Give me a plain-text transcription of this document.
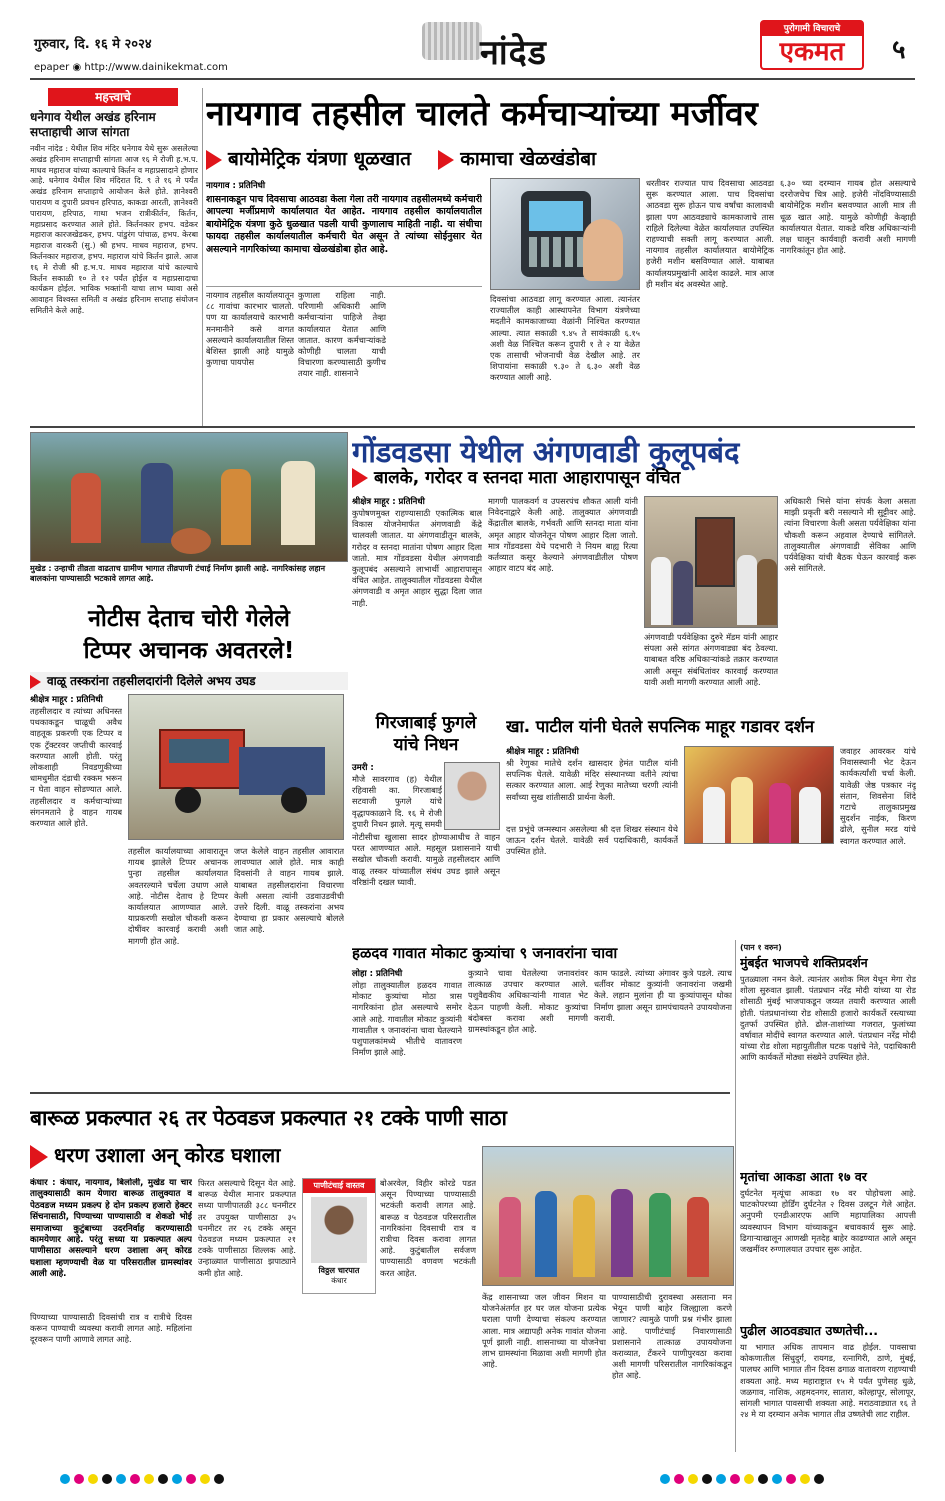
गुरुवार, दि. १६ मे २०२४	नांदेड
पुरोगामी विचाराचे
एकमत	५
epaper ◉ http://www.dainikekmat.com
महत्त्वाचे
धनेगाव येथील अखंड हरिनाम सप्ताहाची आज सांगता
नवीन नांदेड : येथील शिव मंदिर धनेगाव येथे सुरू असलेल्या अखंड हरिनाम सप्ताहाची सांगता आज १६ मे रोजी ह.भ.प. माधव महाराज यांच्या काल्याचे किर्तन व महाप्रसादाने होणार आहे. धनेगाव येथील शिव मंदिरात दि. ९ ते १६ मे पर्यंत अखंड हरिनाम सप्ताहाचे आयोजन केले होते. ज्ञानेश्वरी पारायण व दुपारी प्रवचन हरिपाठ, काकडा आरती, ज्ञानेश्वरी पारायण, हरिपाठ, गाथा भजन रात्रीकीर्तन, किर्तन, महाप्रसाद करण्यात आले होते. किर्तनकार हभप. वडेकर महाराज कारजखेडकर, हभप. पांडुरंग पांचाळ, हभप. केरबा महाराज वारकरी (सु.) श्री हभप. माधव महाराज, हभप. किर्तनकार महाराज, हभप. महाराज यांचे किर्तन झाले. आज १६ मे रोजी श्री ह.भ.प. माधव महाराज यांचे काल्याचे किर्तन सकाळी १० ते १२ पर्यंत होईल व महाप्रसादाचा कार्यक्रम होईल. भाविक भक्तांनी याचा लाभ घ्यावा असे आवाहन विश्वस्त समिती व अखंड हरिनाम सप्ताह संयोजन समितीने केले आहे.
नायगाव तहसील चालते कर्मचाऱ्यांच्या मर्जीवर
बायोमेट्रिक यंत्रणा धूळखात	कामाचा खेळखंडोबा
नायगाव : प्रतिनिधी
शासनाकडून पाच दिवसाचा आठवडा केला गेला तरी नायगाव तहसीलमध्ये कर्मचारी आपल्या मर्जीप्रमाणे कार्यालयात येत आहेत. नायगाव तहसील कार्यालयातील बायोमेट्रिक यंत्रणा कुठे धुळखात पडली याची कुणालाच माहिती नाही. या संधीचा फायदा तहसील कार्यालयातील कर्मचारी घेत असून ते त्यांच्या सोईनुसार येत असल्याने नागरिकांच्या कामाचा खेळखंडोबा होत आहे.
नायगाव तहसील कार्यालयातून ८८ गावांचा कारभार चालतो. पण या कार्यालयाचे कारभारी मनमानीने कसे वागत असल्याने कार्यालयातील शिस्त बेशिस्त झाली आहे यामुळे कुणाचा पायपोस
कुणाला राहिला नाही. परिणामी अधिकारी आणि कर्मचाऱ्यांना पाहिजे तेव्हा कार्यालयात येतात आणि जातात. कारण कर्मचाऱ्यांकडे कोणीही चालता याची विचारणा करण्यासाठी कुणीच तयार नाही. शासनाने
दिवसांचा आठवडा लागू करण्यात आला. त्यानंतर राज्यातील काही आस्थापनेत विभाग यंत्रणेच्या मदतीने कामकाजाच्या वेळांनी निश्चित करण्यात आल्या. त्यात सकाळी ९.४५ ते सायंकाळी ६.१५ अशी वेळ निश्चित करून दुपारी १ ते २ या वेळेत एक तासाची भोजनाची वेळ देखील आहे. तर शिपायांना सकाळी ९.३० ते ६.३० अशी वेळ करण्यात आली आहे.
धरतीवर राज्यात पाच दिवसाचा आठवडा सुरू करण्यात आला. पाच दिवसांचा आठवडा सुरू होऊन पाच वर्षांचा कालावधी झाला पण आठवड्याचे कामकाजाचे तास राहिले दिलेल्या वेळेत कार्यालयात उपस्थित राहण्याची सक्ती लागू करण्यात आली. नायगाव तहसील कार्यालयात बायोमेट्रिक हजेरी मशीन बसविण्यात आले. याबाबत कार्यालयप्रमुखांनी आदेश काढले. मात्र आज ही मशीन बंद अवस्थेत आहे.
६.३० च्या दरम्यान गायब होत असल्याचे दररोजचेच चित्र आहे. हजेरी नोंदविण्यासाठी बायोमेट्रिक मशीन बसवण्यात आली मात्र ती धूळ खात आहे. यामुळे कोणीही केव्हाही कार्यालयात येतात. याकडे वरिष्ठ अधिकाऱ्यांनी लक्ष घालून कार्यवाही करावी अशी मागणी नागरिकांतून होत आहे.
मुखेड : उन्हाची तीव्रता वाढताच ग्रामीण भागात तीव्रपाणी टंचाई निर्माण झाली आहे. नागरिकांसह लहान बालकांना पाण्यासाठी भटकावे लागत आहे.
गोंडवडसा येथील अंगणवाडी कुलूपबंद
बालके, गरोदर व स्तनदा माता आहारापासून वंचित
श्रीक्षेत्र माहूर : प्रतिनिधी
कुपोषणमुक्त राहण्यासाठी एकात्मिक बाल विकास योजनेमार्फत अंगणवाडी केंद्रे चालवली जातात. या अंगणवाडीतून बालके, गरोदर व स्तनदा मातांना पोषण आहार दिला जातो. मात्र गोंडवडसा येथील अंगणवाडी कुलूपबंद असल्याने लाभार्थी आहारापासून वंचित आहेत. तालुक्यातील गोंडवडसा येथील अंगणवाडी व अमृत आहार सुद्धा दिला जात नाही.
मागणी पालकवर्ग व उपसरपंच शौकत आली यांनी निवेदनाद्वारे केली आहे. तालुक्यात अंगणवाडी केंद्रातील बालके, गर्भवती आणि स्तनदा माता यांना अमृत आहार योजनेतून पोषण आहार दिला जातो. मात्र गोंडवडसा येथे पदभारी ने नियम बाह्य रित्या कर्तव्यात कसूर केल्याने अंगणवाडीतील पोषण आहार वाटप बंद आहे.
अंगणवाडी पर्यवेक्षिका दुरुरे मॅडम यांनी आहार संपला असे सांगत अंगणवाड्या बंद ठेवल्या. याबाबत वरिष्ठ अधिकाऱ्यांकडे तक्रार करण्यात आली असून संबंधितांवर कारवाई करण्यात यावी अशी मागणी करण्यात आली आहे.
अधिकारी भिसे यांना संपर्क केला असता माझी प्रकृती बरी नसल्याने मी सुट्टीवर आहे. त्यांना विचारणा केली असता पर्यवेक्षिका यांना चौकशी करून अहवाल देण्याचे सांगितले. तालुक्यातील अंगणवाडी सेविका आणि पर्यवेक्षिका यांची बैठक घेऊन कारवाई करू असे सांगितले.
नोटीस देताच चोरी गेलेले
टिप्पर अचानक अवतरले!
वाळू तस्करांना तहसीलदारांनी दिलेले अभय उघड
श्रीक्षेत्र माहूर : प्रतिनिधी
तहसीलदार व त्यांच्या अधिनस्त पथकाकडून चाळूची अवैध वाहतूक प्रकरणी एक टिप्पर व एक ट्रॅक्टरवर जप्तीची कारवाई करण्यात आली होती. परंतु लोकशाही निवडणुकीच्या धामधुमीत दंडाची रक्कम भरून न घेता वाहन सोडण्यात आले. तहसीलदार व कर्मचाऱ्यांच्या संगनमताने हे वाहन गायब करण्यात आले होते.
तहसील कार्यालयाच्या आवारातून गायब झालेले टिप्पर अचानक पुन्हा तहसील कार्यालयात अवतरल्याने चर्चेला उधाण आले आहे. नोटीस देताच हे टिप्पर कार्यालयात आणण्यात आले. याप्रकरणी सखोल चौकशी करून दोषींवर कारवाई करावी अशी मागणी होत आहे.
जप्त केलेले वाहन तहसील आवारात लावण्यात आले होते. मात्र काही दिवसांनी ते वाहन गायब झाले. याबाबत तहसीलदारांना विचारणा केली असता त्यांनी उडवाउडवीची उत्तरे दिली. वाळू तस्करांना अभय देण्याचा हा प्रकार असल्याचे बोलले जात आहे.
गिरजाबाई फुगले
यांचे निधन
उमरी :
मौजे सावरगाव (ह) येथील रहिवासी का. गिरजाबाई सटवाजी फुगले यांचे वृद्धापकाळाने दि. १६ मे रोजी दुपारी निधन झाले. मृत्यू समयी
नोटीसीचा खुलासा सादर होण्याआधीच ते वाहन परत आणण्यात आले. महसूल प्रशासनाने याची सखोल चौकशी करावी. यामुळे तहसीलदार आणि वाळू तस्कर यांच्यातील संबंध उघड झाले असून वरिष्ठांनी दखल घ्यावी.
खा. पाटील यांनी घेतले सपत्निक माहूर गडावर दर्शन
श्रीक्षेत्र माहूर : प्रतिनिधी
श्री रेणुका मातेचे दर्शन खासदार हेमंत पाटील यांनी सपत्निक घेतले. यावेळी मंदिर संस्थानच्या वतीने त्यांचा सत्कार करण्यात आला. आई रेणुका मातेच्या चरणी त्यांनी सर्वांच्या सुख शांतीसाठी प्रार्थना केली.
दत्त प्रभूंचे जन्मस्थान असलेल्या श्री दत्त शिखर संस्थान येथे जाऊन दर्शन घेतले. यावेळी सर्व पदाधिकारी, कार्यकर्ते उपस्थित होते.
जवाहर आवरकर यांचे निवासस्थानी भेट देऊन कार्यकर्त्यांशी चर्चा केली. यावेळी जेष्ठ पत्रकार नंदू संतान, शिवसेना शिंदे गटाचे तालुकाप्रमुख सुदर्शन नाईक, किरण ढोले, सुनील मरड यांचे स्वागत करण्यात आले.
हळदव गावात मोकाट कुत्र्यांचा ९ जनावरांना चावा
लोहा : प्रतिनिधी
लोहा तालुक्यातील हळदव गावात मोकाट कुत्र्यांचा मोठा त्रास नागरिकांना होत असल्याचे समोर आले आहे. गावातील मोकाट कुत्र्यांनी गावातील ९ जनावरांना चावा घेतल्याने पशुपालकांमध्ये भीतीचे वातावरण निर्माण झाले आहे.
कुत्र्याने चावा घेतलेल्या जनावरांवर तात्काळ उपचार करण्यात आले. पशुवैद्यकीय अधिकाऱ्यांनी गावात भेट देऊन पाहणी केली. मोकाट कुत्र्यांचा बंदोबस्त करावा अशी मागणी ग्रामस्थांकडून होत आहे.
काम फाडले. त्यांच्या अंगावर कुत्रे पडले. त्याच धर्तीवर मोकाट कुत्र्यांनी जनावरांना जखमी केले. लहान मुलांना ही या कुत्र्यांपासून धोका निर्माण झाला असून ग्रामपंचायतने उपाययोजना करावी.
(पान १ वरुन)
मुंबईत भाजपचे शक्तिप्रदर्शन
पुतळ्याला नमन केले. त्यानंतर अशोक मिल येथून मेगा रोड शोला सुरुवात झाली. पंतप्रधान नरेंद्र मोदी यांच्या या रोड शोसाठी मुंबई भाजपाकडून जय्यत तयारी करण्यात आली होती. पंतप्रधानांच्या रोड शोसाठी हजारो कार्यकर्ते रस्त्याच्या दुतर्फा उपस्थित होते. ढोल-ताशांच्या गजरात, फुलांच्या वर्षावात मोदींचे स्वागत करण्यात आले. पंतप्रधान नरेंद्र मोदी यांच्या रोड शोला महायुतीतील घटक पक्षांचे नेते, पदाधिकारी आणि कार्यकर्ते मोठ्या संख्येने उपस्थित होते.
मृतांचा आकडा आता १७ वर
दुर्घटनेत मृत्यूंचा आकडा १७ वर पोहोचला आहे. घाटकोपरच्या होर्डिंग दुर्घटनेत २ दिवस उलटून गेले आहेत. अनुपमी एनडीआरएफ आणि महापालिका आपत्ती व्यवस्थापन विभाग यांच्याकडून बचावकार्य सुरू आहे. ढिगाऱ्याखालून आणखी मृतदेह बाहेर काढण्यात आले असून जखमींवर रुग्णालयात उपचार सुरू आहेत.
पुढील आठवड्यात उष्णतेची...
या भागात अधिक तापमान वाढ होईल. पावसाचा कोकणातील सिंधुदुर्ग, रायगड, रत्नागिरी, ठाणे, मुंबई, पालघर आणि भागात तीन दिवस ढगाळ वातावरण राहण्याची शक्यता आहे. मध्य महाराष्ट्रात १५ मे पर्यंत पुणेसह धुळे, जळगाव, नाशिक, अहमदनगर, सातारा, कोल्हापूर, सोलापूर, सांगली भागात पावसाची शक्यता आहे. मराठवाड्यात १६ ते २४ मे या दरम्यान अनेक भागात तीव्र उष्णतेची लाट राहील.
बारूळ प्रकल्पात २६ तर पेठवडज प्रकल्पात २१ टक्के पाणी साठा
धरण उशाला अन् कोरड घशाला
कंधार : कंधार, नायगाव, बिलोली, मुखेड या चार तालुक्यासाठी काम येणारा बारूळ तालुक्यात व पेठवडज मध्यम प्रकल्प हे दोन प्रकल्प हजारो हेक्टर सिंचनासाठी, पिण्याच्या पाण्यासाठी व शेकडो भोई समाजाच्या कुटुंबाच्या उदरनिर्वाह करण्यासाठी कामयेणार आहे. परंतु सध्या या प्रकल्पात अल्प पाणीसाठा असल्याने धरण उशाला अन् कोरड घशाला म्हणण्याची वेळ या परिसरातील ग्रामस्थांवर आली आहे.
पिण्याच्या पाण्यासाठी दिवसांची रात्र व रात्रीचे दिवस करून पाण्याची व्यवस्था करावी लागत आहे. महिलांना दूरवरून पाणी आणावे लागत आहे.
फिरत असल्याचे दिसून येत आहे. बारूळ येथील मानार प्रकल्पात सध्या पाणीपातळी ३८८ घनमीटर तर उपयुक्त पाणीसाठा ३५ घनमीटर तर २६ टक्के असून पेठवडज मध्यम प्रकल्पात २१ टक्के पाणीसाठा शिल्लक आहे. उन्हाळ्यात पाणीसाठा झपाट्याने कमी होत आहे.
पाणीटंचाई वास्तव
विठ्ठल चारपात
कंधार
बोअरवेल, विहीर कोरडे पडत असून पिण्याच्या पाण्यासाठी भटकंती करावी लागत आहे. बारूळ व पेठवडज परिसरातील नागरिकांना दिवसाची रात्र व रात्रीचा दिवस करावा लागत आहे. कुटुंबातील सर्वजण पाण्यासाठी वणवण भटकंती करत आहेत.
केंद्र शासनाच्या जल जीवन मिशन या योजनेअंतर्गत हर घर जल योजना प्रत्येक घराला पाणी देण्याचा संकल्प करण्यात आला. मात्र अद्यापही अनेक गावांत योजना पूर्ण झाली नाही. शासनाच्या या योजनेचा लाभ ग्रामस्थांना मिळावा अशी मागणी होत आहे.
पाण्यासाठीची दुरावस्था असताना मन भेयून पाणी बाहेर जिल्ह्याला करणे जाणार? त्यामुळे पाणी प्रश्न गंभीर झाला आहे. पाणीटंचाई निवारणासाठी प्रशासनाने तात्काळ उपाययोजना कराव्यात, टँकरने पाणीपुरवठा करावा अशी मागणी परिसरातील नागरिकांकडून होत आहे.
